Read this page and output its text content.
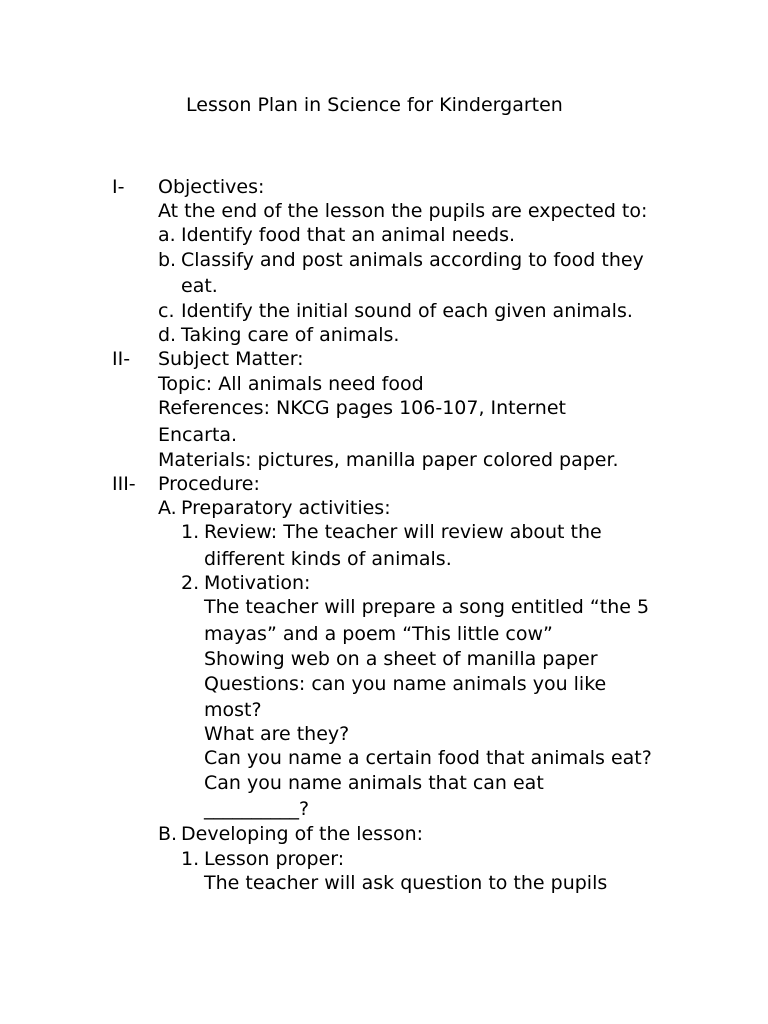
Lesson Plan in Science for Kindergarten
I- Objectives:
At the end of the lesson the pupils are expected to:
a. Identify food that an animal needs.
b. Classify and post animals according to food they
eat.
c. Identify the initial sound of each given animals.
d. Taking care of animals.
II- Subject Matter:
Topic: All animals need food
References: NKCG pages 106-107, Internet
Encarta.
Materials: pictures, manilla paper colored paper.
III- Procedure:
A. Preparatory activities:
1. Review: The teacher will review about the
different kinds of animals.
2. Motivation:
The teacher will prepare a song entitled “the 5
mayas” and a poem “This little cow”
Showing web on a sheet of manilla paper
Questions: can you name animals you like
most?
What are they?
Can you name a certain food that animals eat?
Can you name animals that can eat
__________?
B. Developing of the lesson:
1. Lesson proper:
The teacher will ask question to the pupils
